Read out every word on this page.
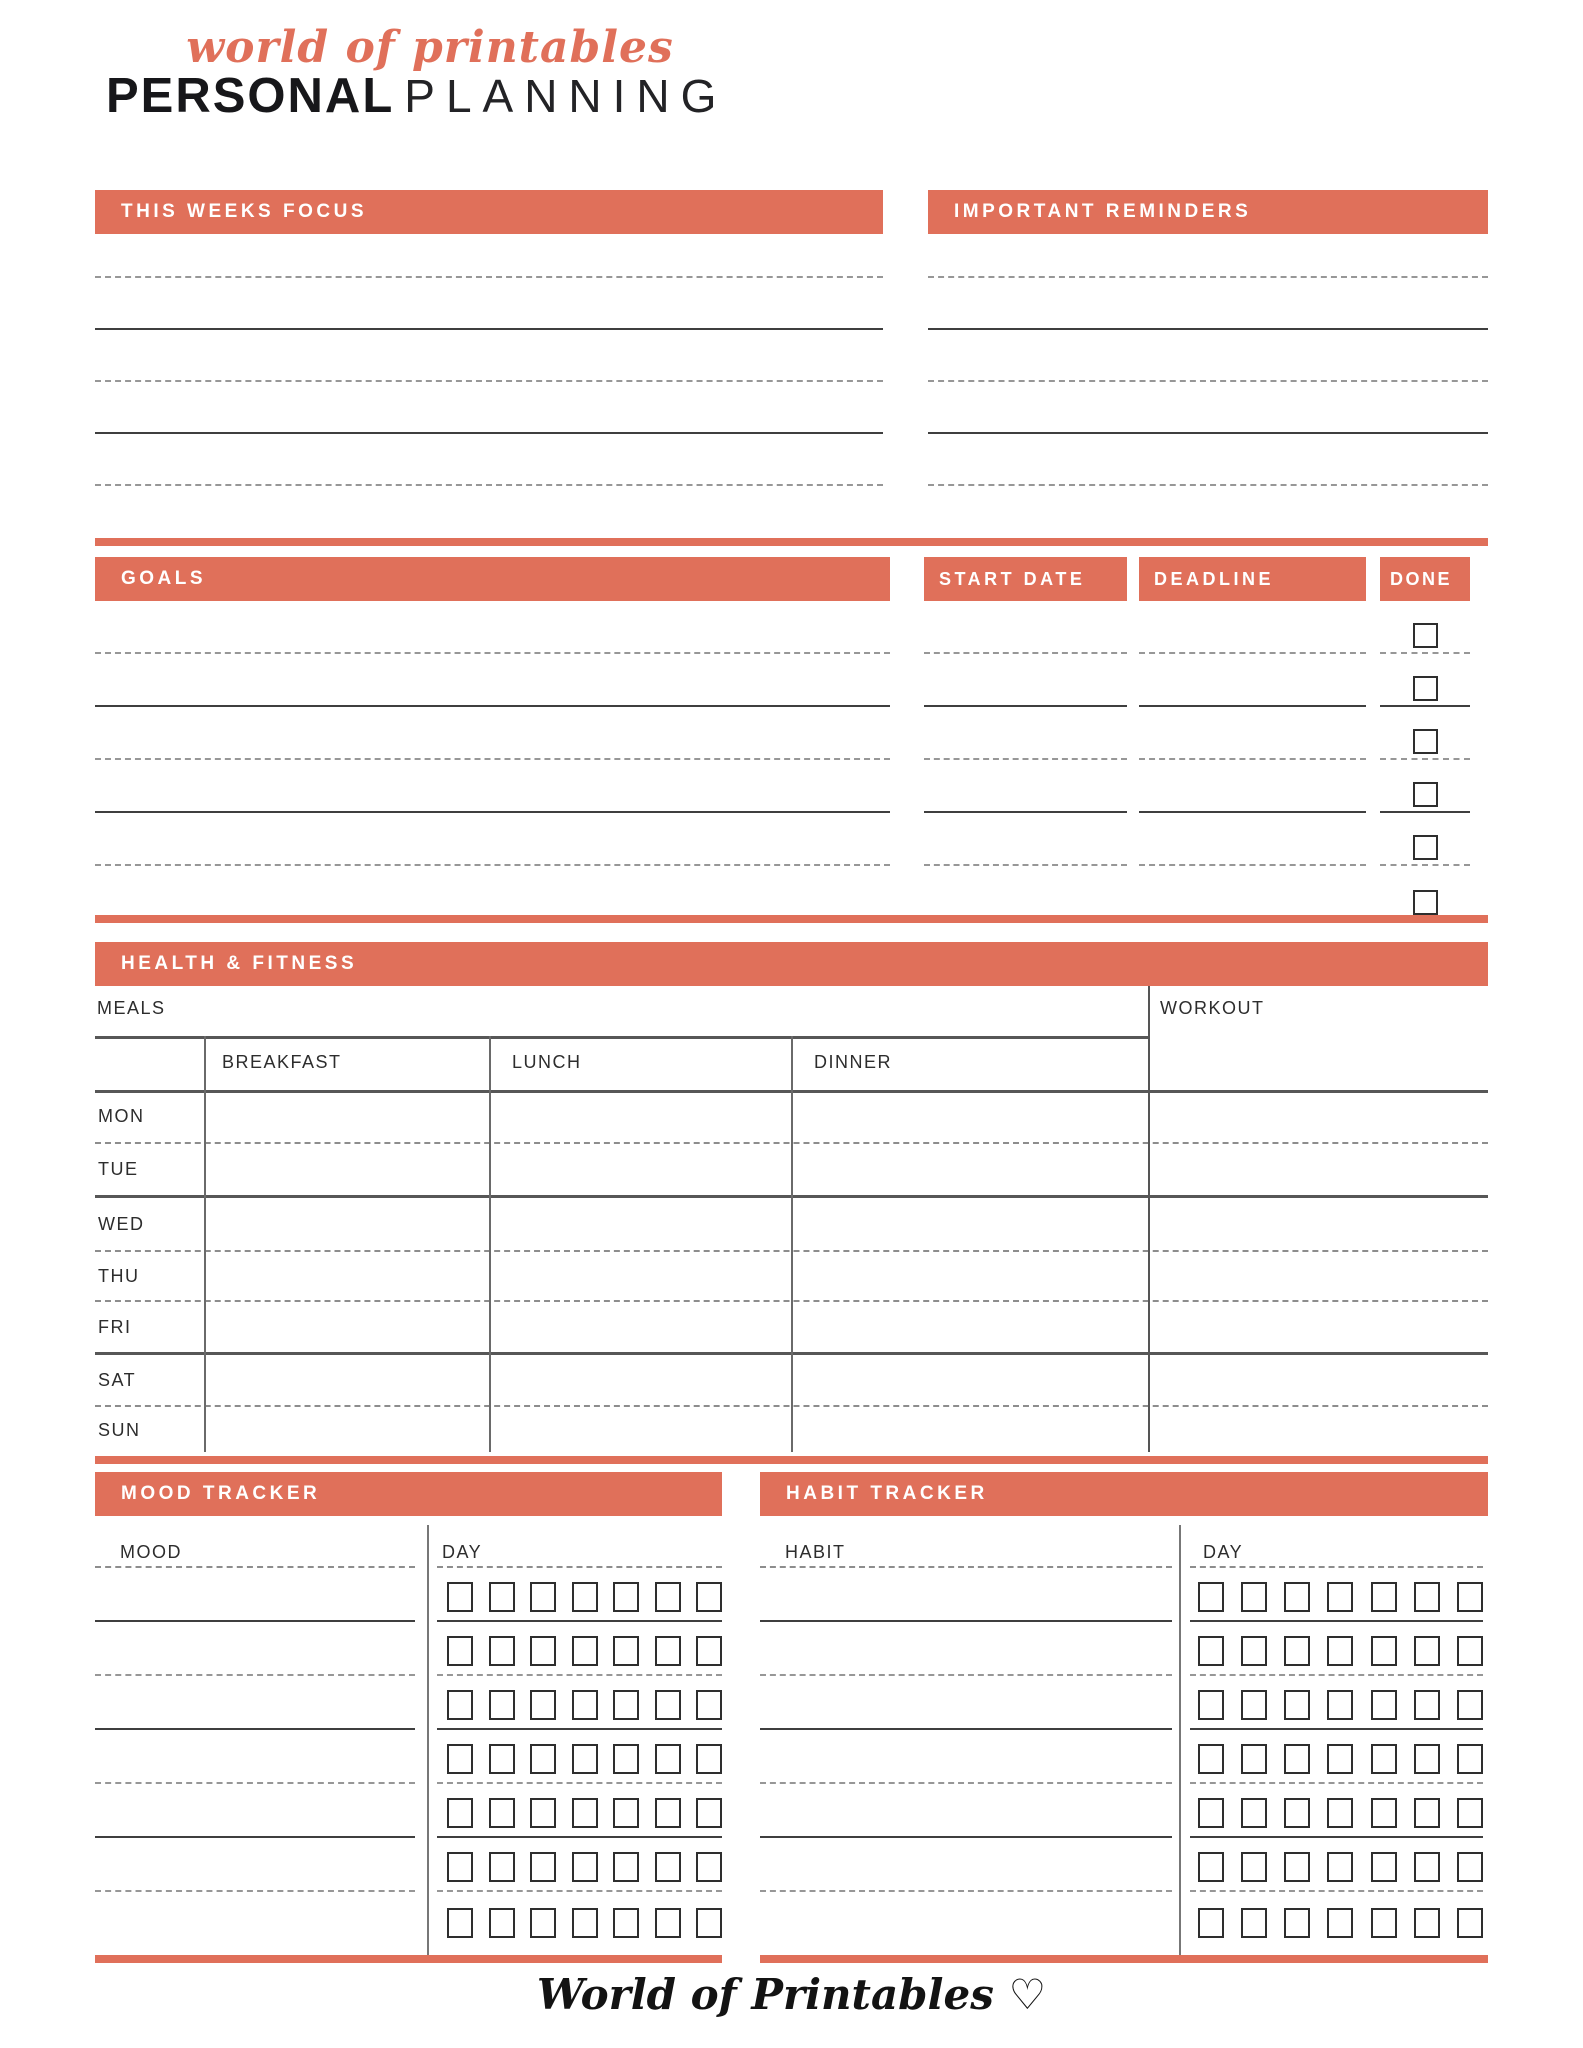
world of printables
PERSONAL PLANNING
THIS WEEKS FOCUS	IMPORTANT REMINDERS
GOALS	START DATE	DEADLINE	DONE
HEALTH & FITNESS
MEALS	WORKOUT
BREAKFAST	LUNCH	DINNER
MON
TUE
WED
THU
FRI
SAT
SUN
MOOD TRACKER	HABIT TRACKER
MOOD	DAY	HABIT	DAY
World of Printables ♡
